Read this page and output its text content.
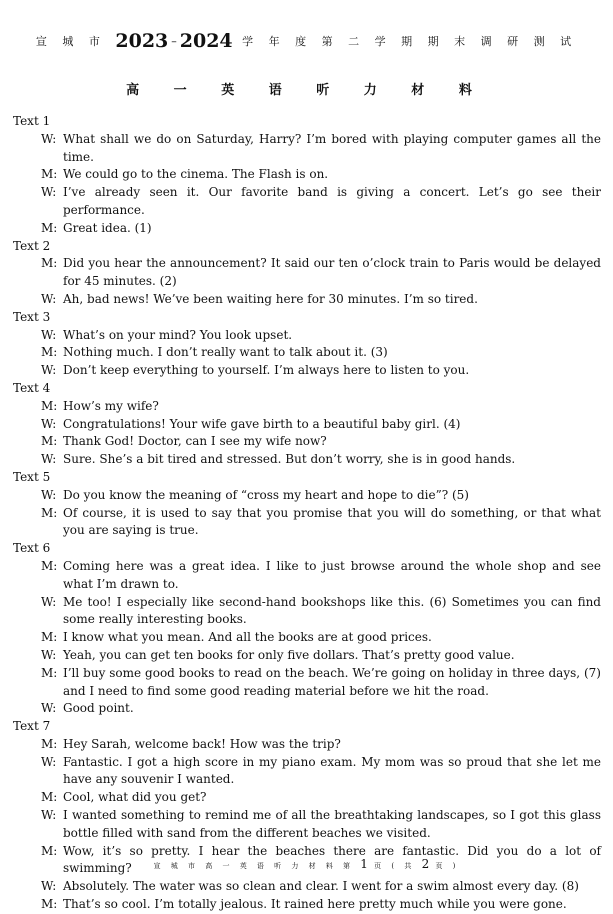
宣 城 市 2023 – 2024 学 年 度 第 二 学 期 期 末 调 研 测 试
高 一 英 语 听 力 材 料
Text 1
W: What shall we do on Saturday, Harry? I’m bored with playing computer games all the time.
M: We could go to the cinema. The Flash is on.
W: I’ve already seen it. Our favorite band is giving a concert. Let’s go see their performance.
M: Great idea. (1)
Text 2
M: Did you hear the announcement? It said our ten o’clock train to Paris would be delayed for 45 minutes. (2)
W: Ah, bad news! We’ve been waiting here for 30 minutes. I’m so tired.
Text 3
W: What’s on your mind? You look upset.
M: Nothing much. I don’t really want to talk about it. (3)
W: Don’t keep everything to yourself. I’m always here to listen to you.
Text 4
M: How’s my wife?
W: Congratulations! Your wife gave birth to a beautiful baby girl. (4)
M: Thank God! Doctor, can I see my wife now?
W: Sure. She’s a bit tired and stressed. But don’t worry, she is in good hands.
Text 5
W: Do you know the meaning of “cross my heart and hope to die”? (5)
M: Of course, it is used to say that you promise that you will do something, or that what you are saying is true.
Text 6
M: Coming here was a great idea. I like to just browse around the whole shop and see what I’m drawn to.
W: Me too! I especially like second-hand bookshops like this. (6) Sometimes you can find some really interesting books.
M: I know what you mean. And all the books are at good prices.
W: Yeah, you can get ten books for only five dollars. That’s pretty good value.
M: I’ll buy some good books to read on the beach. We’re going on holiday in three days, (7) and I need to find some good reading material before we hit the road.
W: Good point.
Text 7
M: Hey Sarah, welcome back! How was the trip?
W: Fantastic. I got a high score in my piano exam. My mom was so proud that she let me have any souvenir I wanted.
M: Cool, what did you get?
W: I wanted something to remind me of all the breathtaking landscapes, so I got this glass bottle filled with sand from the different beaches we visited.
M: Wow, it’s so pretty. I hear the beaches there are fantastic. Did you do a lot of swimming?
W: Absolutely. The water was so clean and clear. I went for a swim almost every day. (8)
M: That’s so cool. I’m totally jealous. It rained here pretty much while you were gone.
宣 城 市 高 一 英 语 听 力 材 料 第 1 页 ( 共 2 页 )
